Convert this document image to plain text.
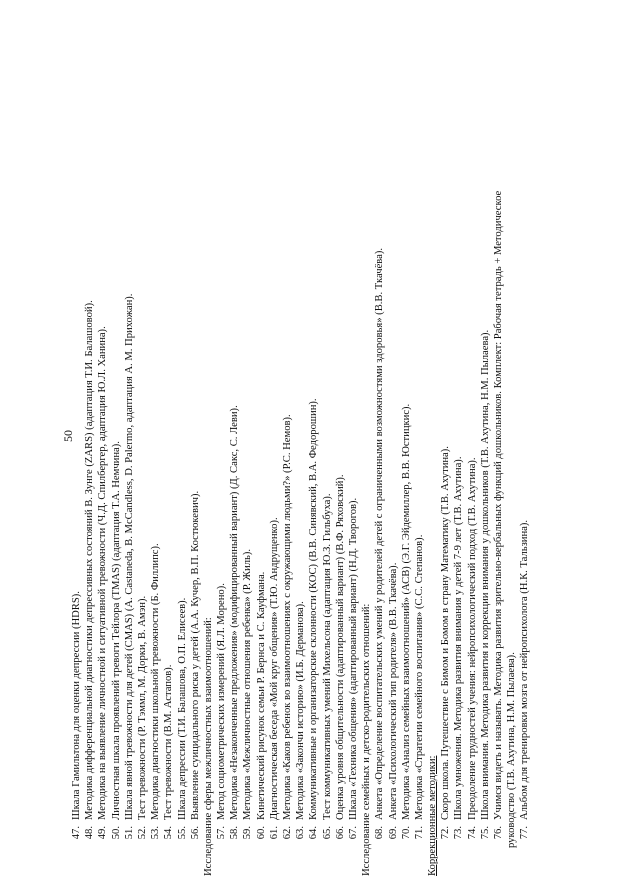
50
47.
Шкала Гамильтона для оценки депрессии (HDRS).
48.
Методика дифференциальной диагностики депрессивных состояний В. Зунге (ZARS) (адаптация Т.И. Балашовой).
49.
Методика на выявление личностной и ситуативной тревожности (Ч.Д. Спилбергер, адаптация Ю.Л. Ханина).
50.
Личностная шкала проявлений тревоги Тейлора (TMAS) (адаптация Т.А. Немчина).
51.
Шкала явной тревожности для детей (CMAS) (A. Castaneda, B. McCandless, D. Palermo, адаптация А. М. Прихожан).
52.
Тест тревожности (Р. Тэммл, М. Дорки, В. Амэн).
53.
Методика диагностики школьной тревожности (Б. Филлипс).
54.
Тест тревожности (В.М. Астапов).
55.
Шкала депрессии (Т.И. Балашова, О.П. Елисеев).
56.
Выявление суицидального риска у детей (А.А. Кучер, В.П. Костюкевич). Исследование сферы межличностных взаимоотношений: 57.
Метод социометрических измерений (Я.Л. Морено).
58.
Методика «Незаконченные предложения» (модифицированный вариант) (Д. Сакс, С. Леви).
59.
Методика «Межличностные отношения ребенка» (Р. Жиль).
60.
Кинетический рисунок семьи Р. Бернса и С. Кауфмана.
61.
Диагностическая беседа «Мой круг общения» (Т.Ю. Андрущенко).
62.
Методика «Каков ребенок во взаимоотношениях с окружающими людьми?» (Р.С. Немов).
63.
Методика «Закончи историю» (И.Б. Дерманова).
64.
Коммуникативные и организаторские склонности (КОС) (В.В. Синявский, В.А. Федорошин).
65.
Тест коммуникативных умений Михельсона (адаптация Ю.З. Гильбуха).
66.
Оценка уровня общительности (адаптированный вариант) (В.Ф. Ряховский).
67.
Шкала «Техника общения» (адаптированный вариант) (Н.Д. Творогов). Исследование семейных и детско-родительских отношений: 68.
Анкета «Определение воспитательских умений у родителей детей с ограниченными возможностями здоровья» (В.В. Ткачёва).
69.
Анкета «Психологический тип родителя» (В.В. Ткачёва).
70.
Методика «Анализ семейных взаимоотношений» (АСВ) (Э.Г. Эйдемиллер, В.В. Юстицкис).
71.
Методика «Стратегии семейного воспитания» (С.С. Степанов). Коррекционные методики: 72.
Скоро школа. Путешествие с Бимом и Бомом в страну Математику (Т.В. Ахутина).
73.
Школа умножения. Методика развития внимания у детей 7-9 лет (Т.В. Ахутина).
74.
Преодоление трудностей учения: нейропсихологический подход (Т.В. Ахутина).
75.
Школа внимания. Методика развития и коррекции внимания у дошкольников (Т.В. Ахутина, Н.М. Пылаева).
76.
Учимся видеть и называть. Методика развития зрительно-вербальных функций дошкольников. Комплект: Рабочая тетрадь + Методическое руководство (Т.В. Ахутина, Н.М. Пылаева). 77.
Альбом для тренировки мозга от нейропсихолога (Н.К. Тальзина).
